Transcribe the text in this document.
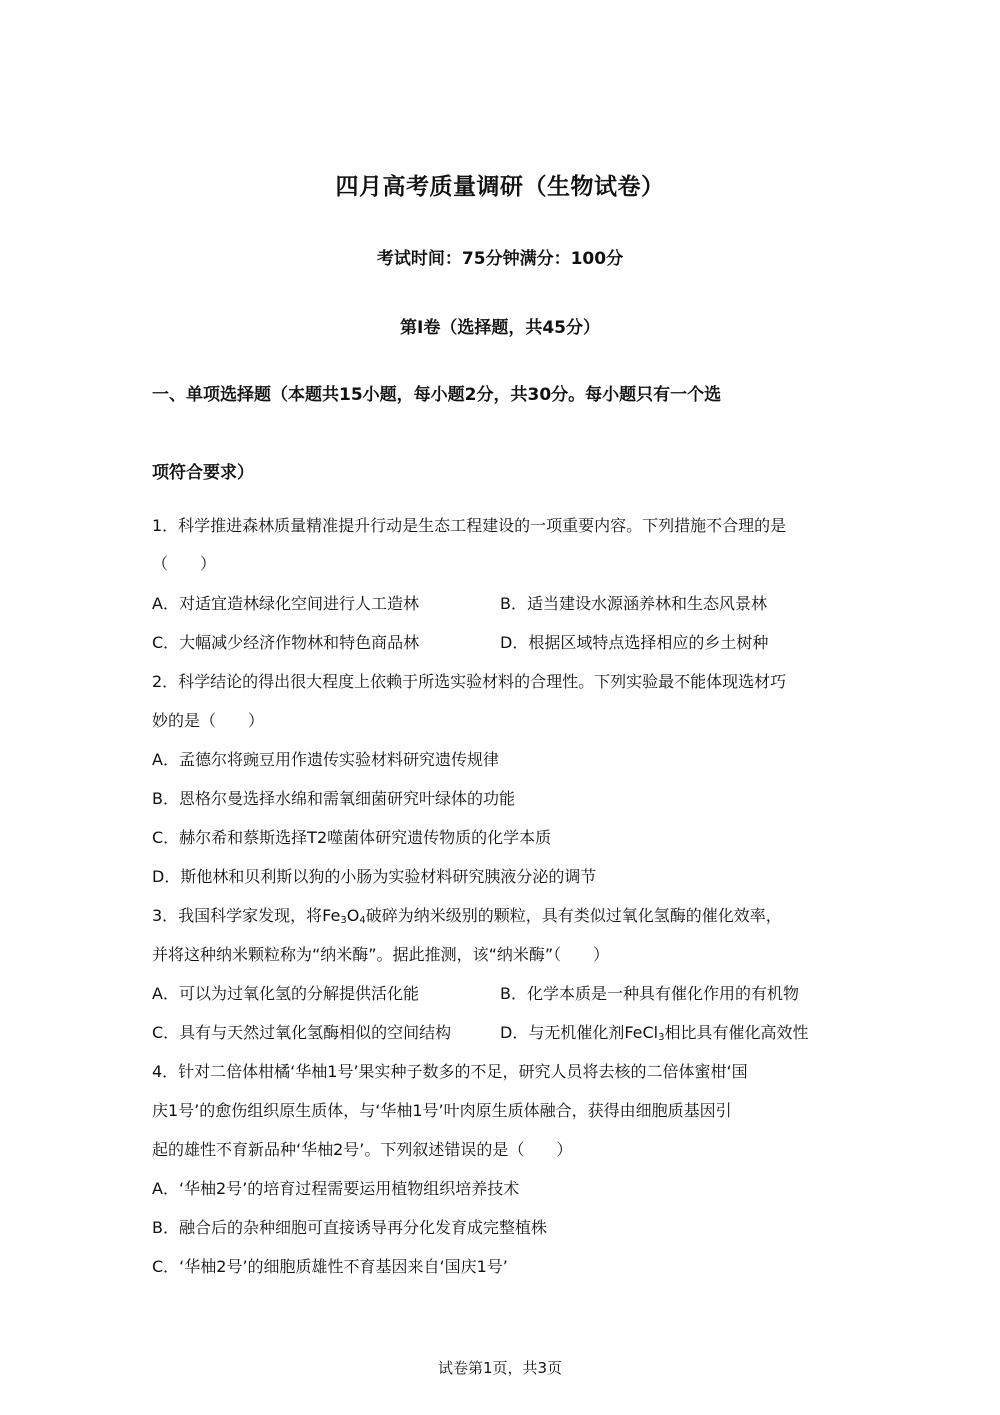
四月高考质量调研（生物试卷）
考试时间：75分钟满分：100分
第Ⅰ卷（选择题，共45分）
一、单项选择题（本题共15小题，每小题2分，共30分。每小题只有一个选
项符合要求）
1．科学推进森林质量精准提升行动是生态工程建设的一项重要内容。下列措施不合理的是
（　　）
A．对适宜造林绿化空间进行人工造林	B．适当建设水源涵养林和生态风景林
C．大幅减少经济作物林和特色商品林	D．根据区域特点选择相应的乡土树种
2．科学结论的得出很大程度上依赖于所选实验材料的合理性。下列实验最不能体现选材巧
妙的是（　　）
A．孟德尔将豌豆用作遗传实验材料研究遗传规律
B．恩格尔曼选择水绵和需氧细菌研究叶绿体的功能
C．赫尔希和蔡斯选择T2噬菌体研究遗传物质的化学本质
D．斯他林和贝利斯以狗的小肠为实验材料研究胰液分泌的调节
3．我国科学家发现，将$Fe_3O_4$破碎为纳米级别的颗粒，具有类似过氧化氢酶的催化效率，
并将这种纳米颗粒称为“纳米酶”。据此推测，该“纳米酶”（　　）
A．可以为过氧化氢的分解提供活化能	B．化学本质是一种具有催化作用的有机物
C．具有与天然过氧化氢酶相似的空间结构	D．与无机催化剂FeCl$_3$相比具有催化高效性
4．针对二倍体柑橘‘华柚1号’果实种子数多的不足，研究人员将去核的二倍体蜜柑‘国
庆1号’的愈伤组织原生质体，与‘华柚1号’叶肉原生质体融合，获得由细胞质基因引
起的雄性不育新品种‘华柚2号’。下列叙述错误的是（　　）
A．‘华柚2号’的培育过程需要运用植物组织培养技术
B．融合后的杂种细胞可直接诱导再分化发育成完整植株
C．‘华柚2号’的细胞质雄性不育基因来自‘国庆1号’
试卷第1页，共3页
